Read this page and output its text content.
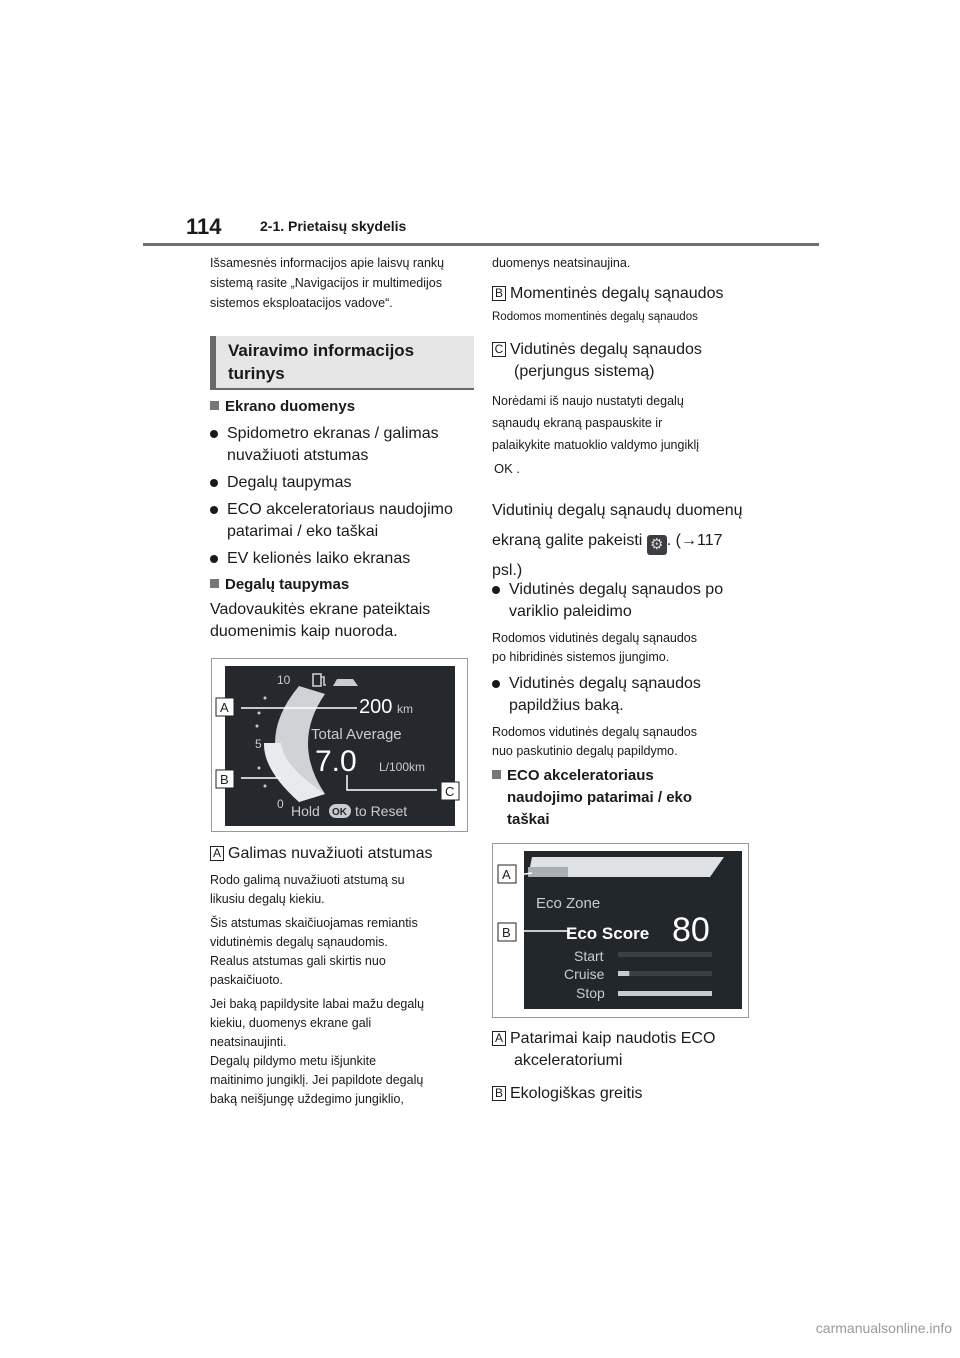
114	2-1. Prietaisų skydelis
Išsamesnės informacijos apie laisvų rankų
sistemą rasite „Navigacijos ir multimedijos
sistemos eksploatacijos vadove“.
Vairavimo informacijos
turinys
Ekrano duomenys
Spidometro ekranas / galimas
nuvažiuoti atstumas
Degalų taupymas
ECO akceleratoriaus naudojimo
patarimai / eko taškai
EV kelionės laiko ekranas
Degalų taupymas
Vadovaukitės ekrane pateiktais
duomenimis kaip nuoroda.
10
5
0
200 km
Total Average
7.0 L/100km
Hold OK to Reset
A
B
C
A Galimas nuvažiuoti atstumas
Rodo galimą nuvažiuoti atstumą su
likusiu degalų kiekiu.
Šis atstumas skaičiuojamas remiantis
vidutinėmis degalų sąnaudomis.
Realus atstumas gali skirtis nuo
paskaičiuoto.
Jei baką papildysite labai mažu degalų
kiekiu, duomenys ekrane gali
neatsinaujinti.
Degalų pildymo metu išjunkite
maitinimo jungiklį. Jei papildote degalų
baką neišjungę uždegimo jungiklio,
duomenys neatsinaujina.
B Momentinės degalų sąnaudos
Rodomos momentinės degalų sąnaudos
C Vidutinės degalų sąnaudos
(perjungus sistemą)
Norėdami iš naujo nustatyti degalų
sąnaudų ekraną paspauskite ir
palaikykite matuoklio valdymo jungiklį
OK .
Vidutinių degalų sąnaudų duomenų
ekraną galite pakeisti ⚙ . (→117
psl.)
Vidutinės degalų sąnaudos po
variklio paleidimo
Rodomos vidutinės degalų sąnaudos
po hibridinės sistemos įjungimo.
Vidutinės degalų sąnaudos
papildžius baką.
Rodomos vidutinės degalų sąnaudos
nuo paskutinio degalų papildymo.
ECO akceleratoriaus
naudojimo patarimai / eko
taškai
Eco Zone
Eco Score 80
Start
Cruise
Stop
A
B
A Patarimai kaip naudotis ECO
akceleratoriumi
B Ekologiškas greitis
carmanualsonline.info
